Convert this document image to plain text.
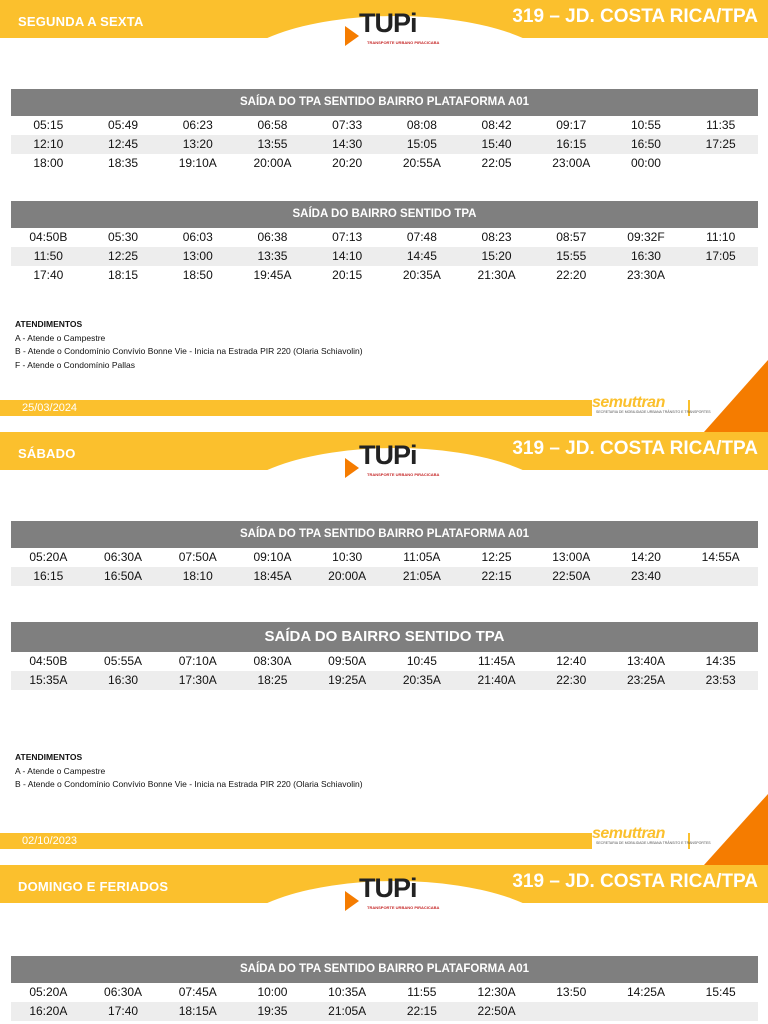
SEGUNDA A SEXTA	319 – JD. COSTA RICA/TPA
TUPi
TRANSPORTE URBANO PIRACICABA
SAÍDA DO TPA SENTIDO BAIRRO PLATAFORMA A01
05:15	05:49	06:23	06:58	07:33	08:08	08:42	09:17	10:55	11:35
12:10	12:45	13:20	13:55	14:30	15:05	15:40	16:15	16:50	17:25
18:00	18:35	19:10A	20:00A	20:20	20:55A	22:05	23:00A	00:00
SAÍDA DO BAIRRO SENTIDO TPA
04:50B	05:30	06:03	06:38	07:13	07:48	08:23	08:57	09:32F	11:10
11:50	12:25	13:00	13:35	14:10	14:45	15:20	15:55	16:30	17:05
17:40	18:15	18:50	19:45A	20:15	20:35A	21:30A	22:20	23:30A
ATENDIMENTOS
A - Atende o Campestre
B - Atende o Condomínio Convívio Bonne Vie - Inicia na Estrada PIR 220 (Olaria Schiavolin)
F - Atende o Condomínio Pallas
25/03/2024	semuttran
SECRETARIA DE MOBILIDADE URBANA TRÂNSITO E TRANSPORTES
SÁBADO	319 – JD. COSTA RICA/TPA
TUPi
TRANSPORTE URBANO PIRACICABA
SAÍDA DO TPA SENTIDO BAIRRO PLATAFORMA A01
05:20A	06:30A	07:50A	09:10A	10:30	11:05A	12:25	13:00A	14:20	14:55A
16:15	16:50A	18:10	18:45A	20:00A	21:05A	22:15	22:50A	23:40
SAÍDA DO BAIRRO SENTIDO TPA
04:50B	05:55A	07:10A	08:30A	09:50A	10:45	11:45A	12:40	13:40A	14:35
15:35A	16:30	17:30A	18:25	19:25A	20:35A	21:40A	22:30	23:25A	23:53
ATENDIMENTOS
A - Atende o Campestre
B - Atende o Condomínio Convívio Bonne Vie - Inicia na Estrada PIR 220 (Olaria Schiavolin)
02/10/2023	semuttran
SECRETARIA DE MOBILIDADE URBANA TRÂNSITO E TRANSPORTES
DOMINGO E FERIADOS	319 – JD. COSTA RICA/TPA
TUPi
TRANSPORTE URBANO PIRACICABA
SAÍDA DO TPA SENTIDO BAIRRO PLATAFORMA A01
05:20A	06:30A	07:45A	10:00	10:35A	11:55	12:30A	13:50	14:25A	15:45
16:20A	17:40	18:15A	19:35	21:05A	22:15	22:50A
